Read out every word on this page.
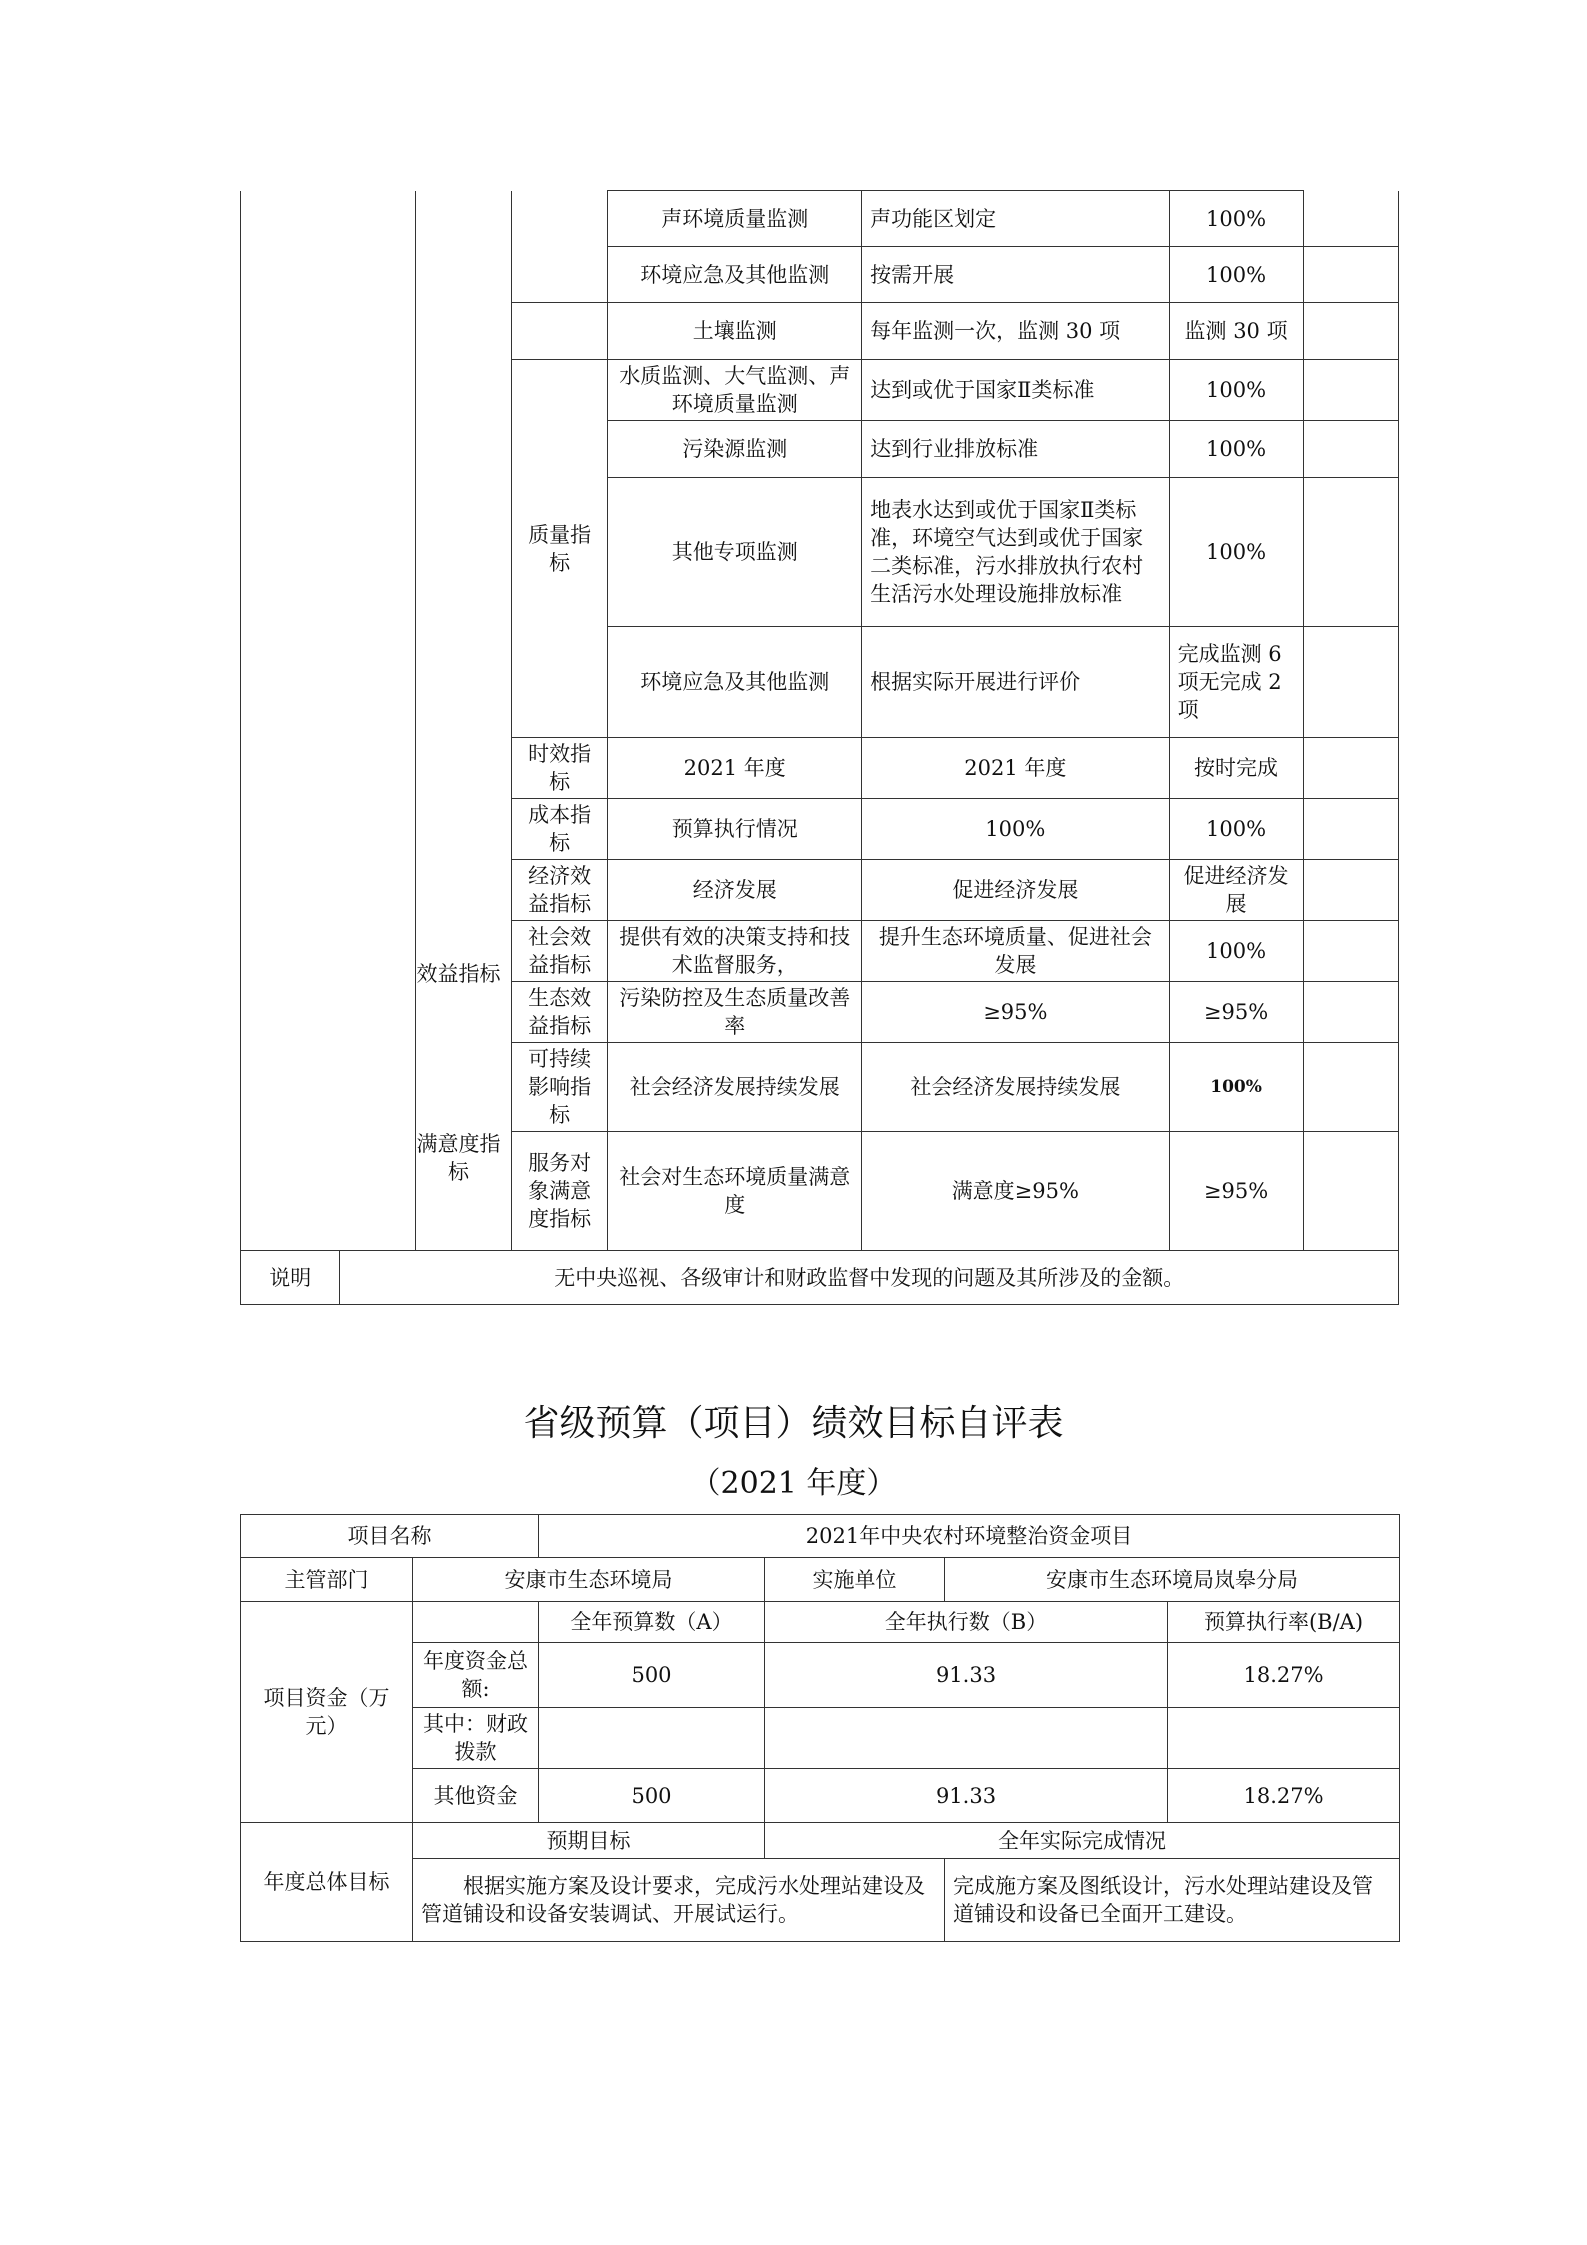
				声环境质量监测	声功能区划定	100%	
				环境应急及其他监测	按需开展	100%	
				土壤监测	每年监测一次，监测 30 项	监测 30 项	
			质量指标	水质监测、大气监测、声环境质量监测	达到或优于国家Ⅱ类标准	100%	
				污染源监测	达到行业排放标准	100%	
				其他专项监测	地表水达到或优于国家Ⅱ类标准，环境空气达到或优于国家二类标准，污水排放执行农村生活污水处理设施排放标准	100%	
				环境应急及其他监测	根据实际开展进行评价	完成监测 6 项无完成 2 项	
			时效指标	2021 年度	2021 年度	按时完成	
			成本指标	预算执行情况	100%	100%	
			经济效益指标	经济发展	促进经济发展	促进经济发展	
			社会效益指标	提供有效的决策支持和技术监督服务，	提升生态环境质量、促进社会发展	100%	
			生态效益指标	污染防控及生态质量改善率	≥95%	≥95%	
			可持续影响指标	社会经济发展持续发展	社会经济发展持续发展	100%	
			服务对象满意度指标	社会对生态环境质量满意度	满意度≥95%	≥95%	
说明	无中央巡视、各级审计和财政监督中发现的问题及其所涉及的金额。						
效益指标
满意度指标
省级预算（项目）绩效目标自评表
（2021 年度）
项目名称		2021年中央农村环境整治资金项目			
主管部门	安康市生态环境局		实施单位	安康市生态环境局岚皋分局	
项目资金（万元）		全年预算数（A）	全年执行数（B）		预算执行率(B/A)
	年度资金总额:	500	91.33		18.27%
	其中：财政拨款				
	其他资金	500	91.33		18.27%
年度总体目标	预期目标		全年实际完成情况		
	根据实施方案及设计要求，完成污水处理站建设及管道铺设和设备安装调试、开展试运行。			完成施方案及图纸设计，污水处理站建设及管道铺设和设备已全面开工建设。	
